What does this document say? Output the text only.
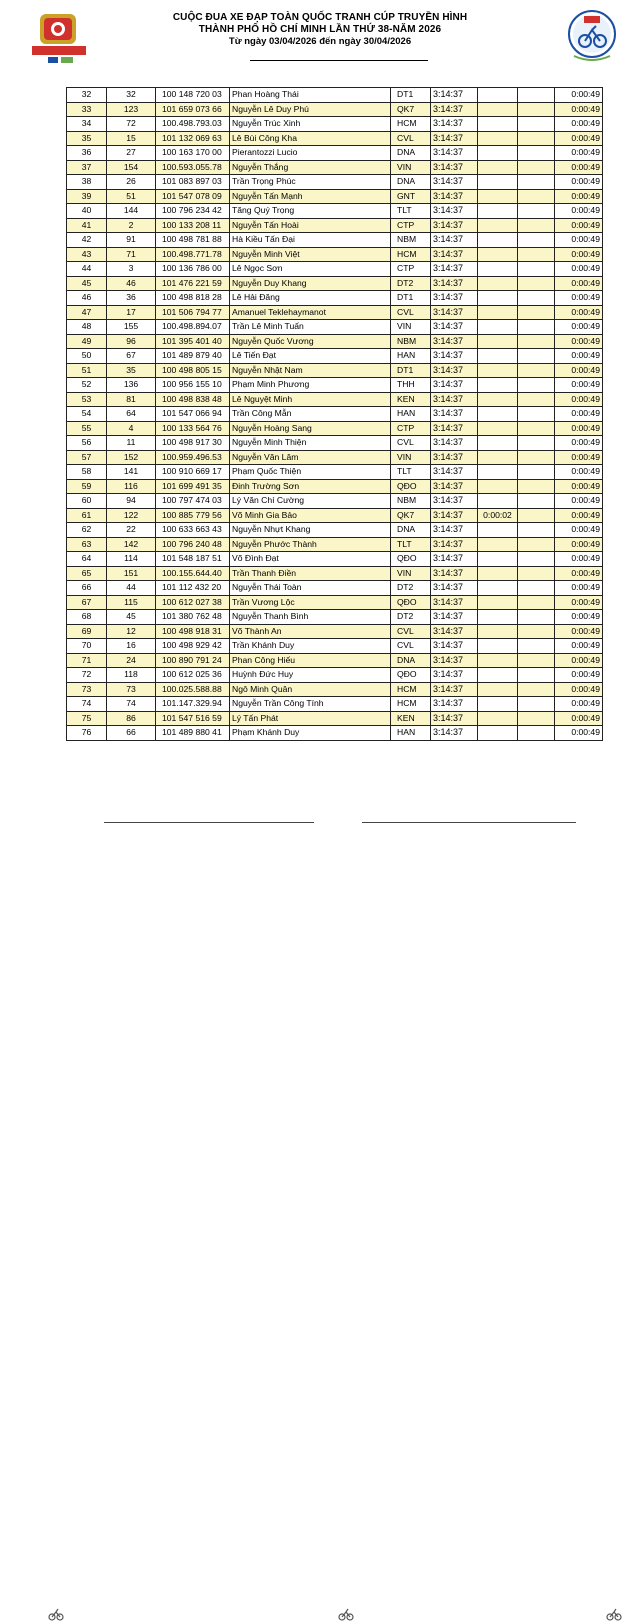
CUỘC ĐUA XE ĐẠP TOÀN QUỐC TRANH CÚP TRUYỀN HÌNH
THÀNH PHỐ HỒ CHÍ MINH LẦN THỨ 38-NĂM 2026
Từ ngày 03/04/2026 đến ngày 30/04/2026
32	32	100 148 720 03	Phan Hoàng Thái	DT1	3:14:37			0:00:49
33	123	101 659 073 66	Nguyễn Lê Duy Phú	QK7	3:14:37			0:00:49
34	72	100.498.793.03	Nguyễn Trúc Xinh	HCM	3:14:37			0:00:49
35	15	101 132 069 63	Lê Bùi Công Kha	CVL	3:14:37			0:00:49
36	27	100 163 170 00	Pierantozzi Lucio	DNA	3:14:37			0:00:49
37	154	100.593.055.78	Nguyễn Thắng	VIN	3:14:37			0:00:49
38	26	101 083 897 03	Trần Trọng Phúc	DNA	3:14:37			0:00:49
39	51	101 547 078 09	Nguyễn Tấn Mạnh	GNT	3:14:37			0:00:49
40	144	100 796 234 42	Tăng Quý Trọng	TLT	3:14:37			0:00:49
41	2	100 133 208 11	Nguyễn Tấn Hoài	CTP	3:14:37			0:00:49
42	91	100 498 781 88	Hà Kiều Tấn Đại	NBM	3:14:37			0:00:49
43	71	100.498.771.78	Nguyễn Minh Việt	HCM	3:14:37			0:00:49
44	3	100 136 786 00	Lê Ngọc Sơn	CTP	3:14:37			0:00:49
45	46	101 476 221 59	Nguyễn Duy Khang	DT2	3:14:37			0:00:49
46	36	100 498 818 28	Lê Hải Đăng	DT1	3:14:37			0:00:49
47	17	101 506 794 77	Amanuel Teklehaymanot	CVL	3:14:37			0:00:49
48	155	100.498.894.07	Trần Lê Minh Tuấn	VIN	3:14:37			0:00:49
49	96	101 395 401 40	Nguyễn Quốc Vương	NBM	3:14:37			0:00:49
50	67	101 489 879 40	Lê Tiến Đạt	HAN	3:14:37			0:00:49
51	35	100 498 805 15	Nguyễn Nhật Nam	DT1	3:14:37			0:00:49
52	136	100 956 155 10	Phạm Minh Phương	THH	3:14:37			0:00:49
53	81	100 498 838 48	Lê Nguyệt Minh	KEN	3:14:37			0:00:49
54	64	101 547 066 94	Trần Công Mẫn	HAN	3:14:37			0:00:49
55	4	100 133 564 76	Nguyễn Hoàng Sang	CTP	3:14:37			0:00:49
56	11	100 498 917 30	Nguyễn Minh Thiện	CVL	3:14:37			0:00:49
57	152	100.959.496.53	Nguyễn Văn Lâm	VIN	3:14:37			0:00:49
58	141	100 910 669 17	Phạm Quốc Thiện	TLT	3:14:37			0:00:49
59	116	101 699 491 35	Đinh Trường Sơn	QĐO	3:14:37			0:00:49
60	94	100 797 474 03	Lý Văn Chí Cường	NBM	3:14:37			0:00:49
61	122	100 885 779 56	Võ Minh Gia Bảo	QK7	3:14:37	0:00:02		0:00:49
62	22	100 633 663 43	Nguyễn Nhựt Khang	DNA	3:14:37			0:00:49
63	142	100 796 240 48	Nguyễn Phước Thành	TLT	3:14:37			0:00:49
64	114	101 548 187 51	Võ Đình Đạt	QĐO	3:14:37			0:00:49
65	151	100.155.644.40	Trần Thanh Điền	VIN	3:14:37			0:00:49
66	44	101 112 432 20	Nguyễn Thái Toàn	DT2	3:14:37			0:00:49
67	115	100 612 027 38	Trần Vương Lộc	QĐO	3:14:37			0:00:49
68	45	101 380 762 48	Nguyễn Thanh Bình	DT2	3:14:37			0:00:49
69	12	100 498 918 31	Võ Thành An	CVL	3:14:37			0:00:49
70	16	100 498 929 42	Trần Khánh Duy	CVL	3:14:37			0:00:49
71	24	100 890 791 24	Phan Công Hiếu	DNA	3:14:37			0:00:49
72	118	100 612 025 36	Huỳnh Đức Huy	QĐO	3:14:37			0:00:49
73	73	100.025.588.88	Ngô Minh Quân	HCM	3:14:37			0:00:49
74	74	101.147.329.94	Nguyễn Trần Công Tính	HCM	3:14:37			0:00:49
75	86	101 547 516 59	Lý Tấn Phát	KEN	3:14:37			0:00:49
76	66	101 489 880 41	Phạm Khánh Duy	HAN	3:14:37			0:00:49
